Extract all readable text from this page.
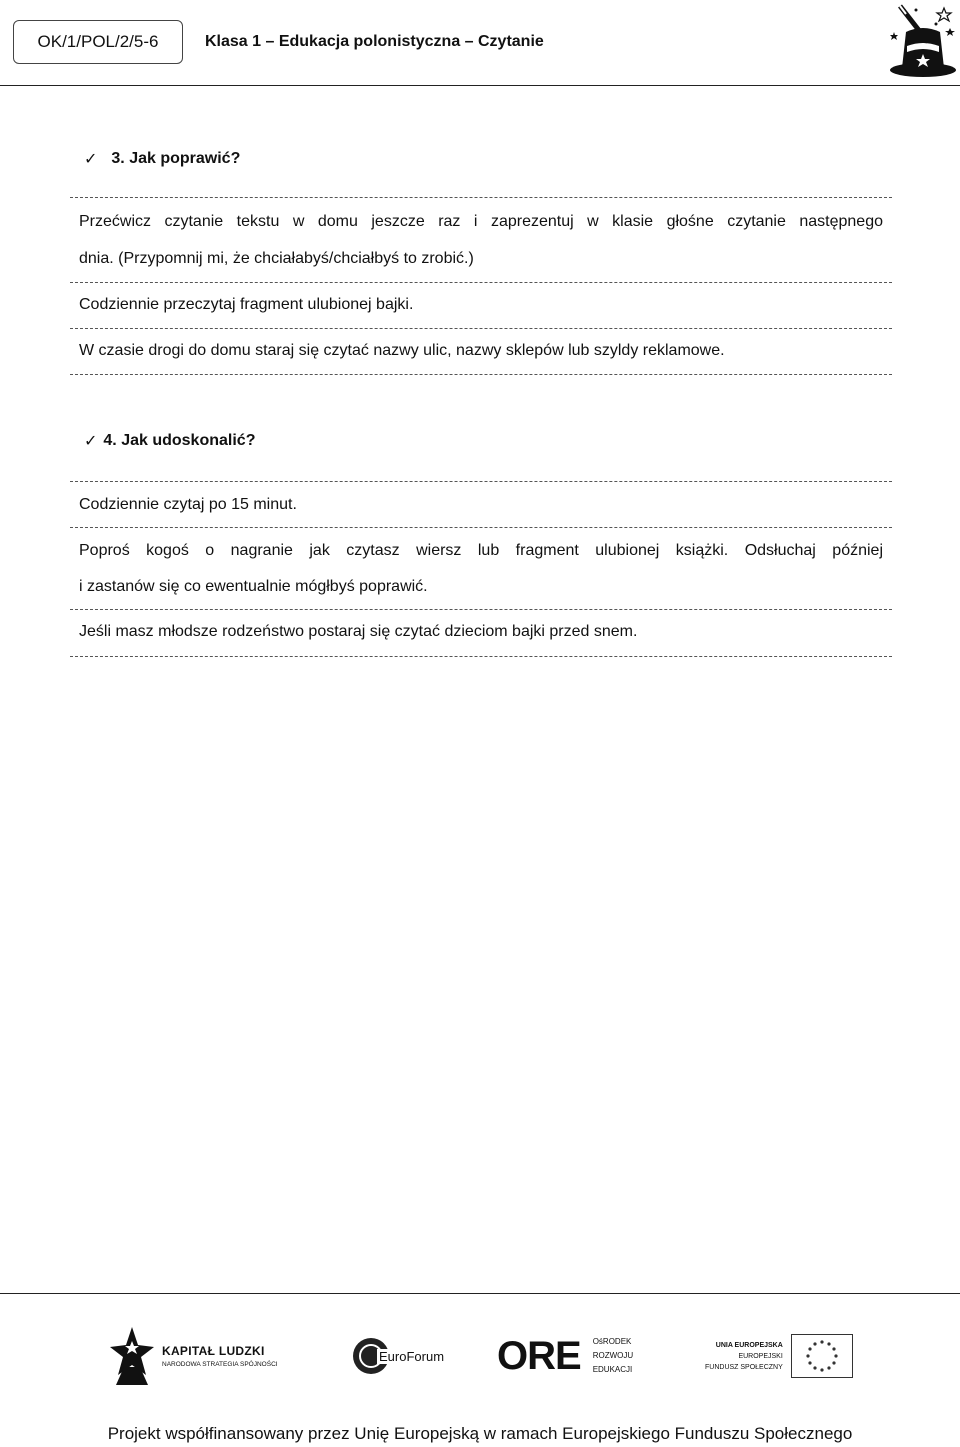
OK/1/POL/2/5-6	Klasa 1 – Edukacja polonistyczna – Czytanie
✓ 3. Jak poprawić?
Przećwicz czytanie tekstu w domu jeszcze raz i zaprezentuj w klasie głośne czytanie następnego
dnia. (Przypomnij mi, że chciałabyś/chciałbyś to zrobić.)
Codziennie przeczytaj fragment ulubionej bajki.
W czasie drogi do domu staraj się czytać nazwy ulic, nazwy sklepów lub szyldy reklamowe.
✓ 4. Jak udoskonalić?
Codziennie czytaj po 15 minut.
Poproś kogoś o nagranie jak czytasz wiersz lub fragment ulubionej książki. Odsłuchaj później
i zastanów się co ewentualnie mógłbyś poprawić.
Jeśli masz młodsze rodzeństwo postaraj się czytać dzieciom bajki przed snem.
KAPITAŁ LUDZKI
NARODOWA STRATEGIA SPÓJNOŚCI
EuroForum ORE OśRODEK
ROZWOJU
EDUKACJI
UNIA EUROPEJSKA
EUROPEJSKI
FUNDUSZ SPOŁECZNY
Projekt współfinansowany przez Unię Europejską w ramach Europejskiego Funduszu Społecznego
